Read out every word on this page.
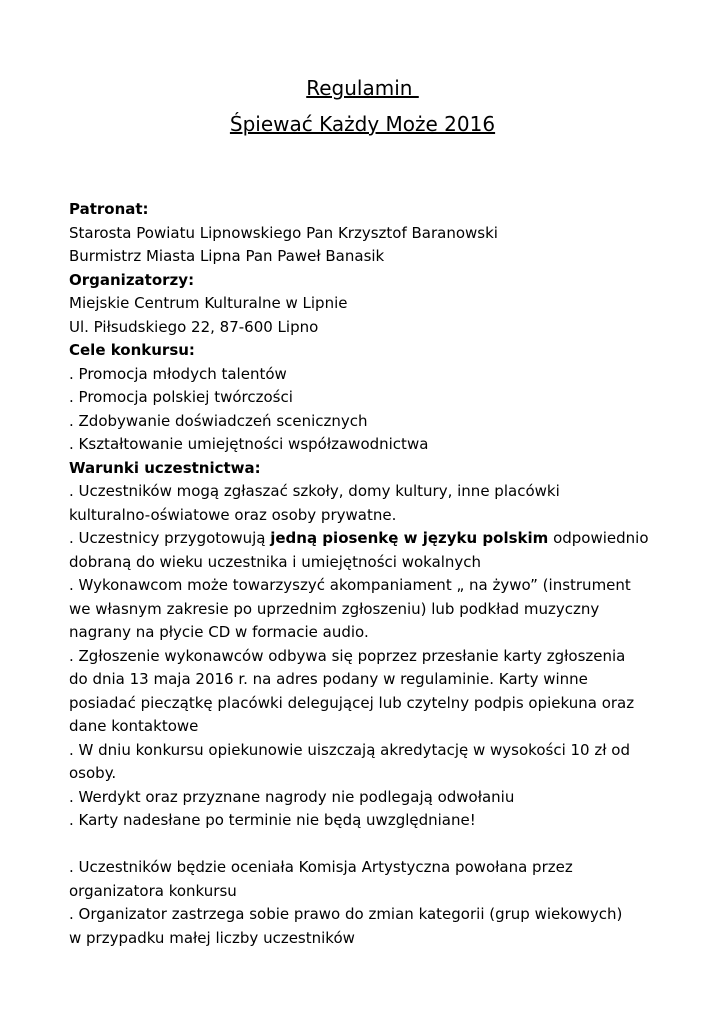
Regulamin
Śpiewać Każdy Może 2016
Patronat:
Starosta Powiatu Lipnowskiego Pan Krzysztof Baranowski
Burmistrz Miasta Lipna Pan Paweł Banasik
Organizatorzy:
Miejskie Centrum Kulturalne w Lipnie
Ul. Piłsudskiego 22, 87-600 Lipno
Cele konkursu:
. Promocja młodych talentów
. Promocja polskiej twórczości
. Zdobywanie doświadczeń scenicznych
. Kształtowanie umiejętności współzawodnictwa
Warunki uczestnictwa:
. Uczestników mogą zgłaszać szkoły, domy kultury, inne placówki
kulturalno-oświatowe oraz osoby prywatne.
. Uczestnicy przygotowują jedną piosenkę w języku polskim odpowiednio
dobraną do wieku uczestnika i umiejętności wokalnych
. Wykonawcom może towarzyszyć akompaniament „ na żywo” (instrument
we własnym zakresie po uprzednim zgłoszeniu) lub podkład muzyczny
nagrany na płycie CD w formacie audio.
. Zgłoszenie wykonawców odbywa się poprzez przesłanie karty zgłoszenia
do dnia 13 maja 2016 r. na adres podany w regulaminie. Karty winne
posiadać pieczątkę placówki delegującej lub czytelny podpis opiekuna oraz
dane kontaktowe
. W dniu konkursu opiekunowie uiszczają akredytację w wysokości 10 zł od
osoby.
. Werdykt oraz przyznane nagrody nie podlegają odwołaniu
. Karty nadesłane po terminie nie będą uwzględniane!
. Uczestników będzie oceniała Komisja Artystyczna powołana przez
organizatora konkursu
. Organizator zastrzega sobie prawo do zmian kategorii (grup wiekowych)
w przypadku małej liczby uczestników
